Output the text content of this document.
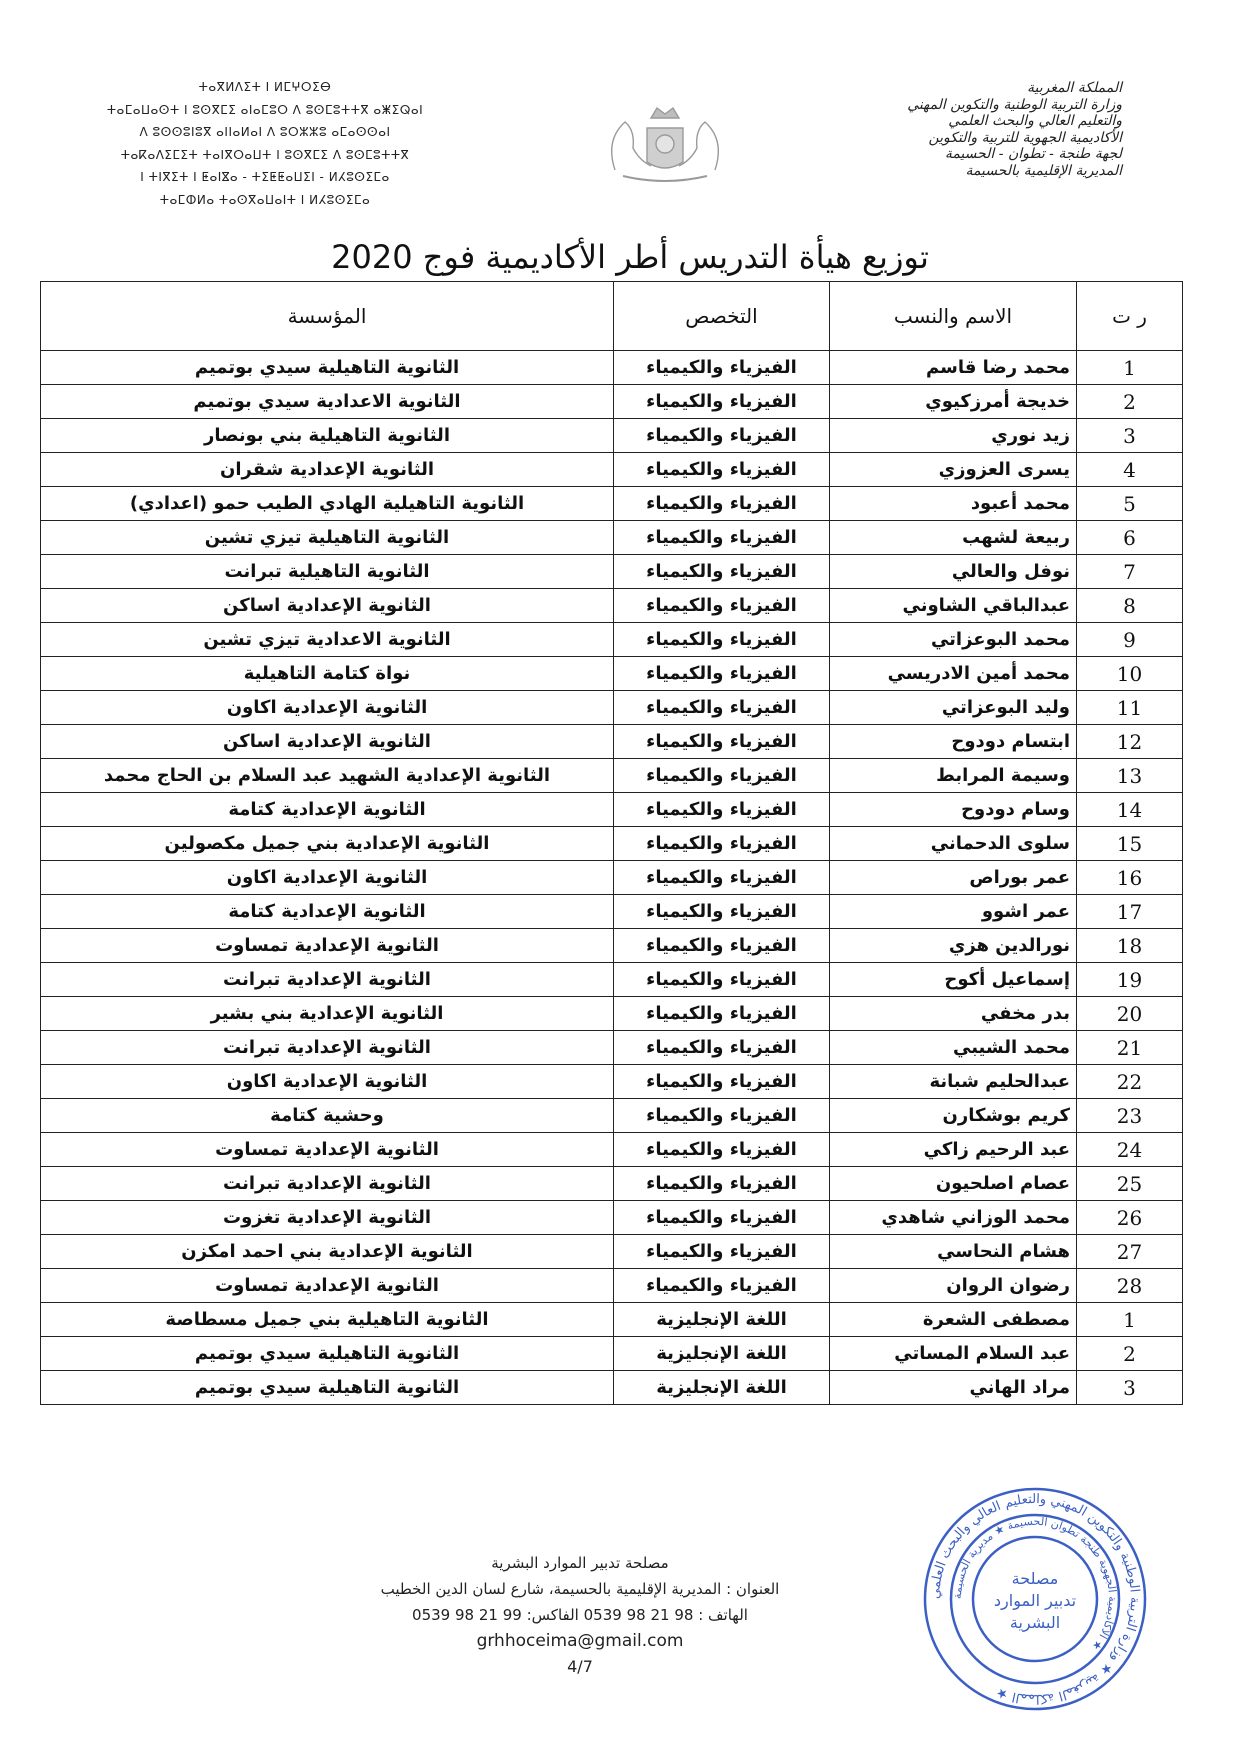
المملكة المغربية
وزارة التربية الوطنية والتكوين المهني
والتعليم العالي والبحث العلمي
الأكاديمية الجهوية للتربية والتكوين
لجهة طنجة - تطوان - الحسيمة
المديرية الإقليمية بالحسيمة
ⵜⴰⴳⵍⴷⵉⵜ ⵏ ⵍⵎⵖⵔⵉⴱ
ⵜⴰⵎⴰⵡⴰⵙⵜ ⵏ ⵓⵙⴳⵎⵉ ⴰⵏⴰⵎⵓⵔ ⴷ ⵓⵙⵎⵓⵜⵜⴳ ⴰⵥⵉⵕⴰⵏ
ⴷ ⵓⵙⵙⵓⵏⵓⴳ ⴰⵏⵏⴰⵍⴰⵏ ⴷ ⵓⵔⵣⵣⵓ ⴰⵎⴰⵙⵙⴰⵏ
ⵜⴰⴽⴰⴷⵉⵎⵉⵜ ⵜⴰⵏⴳⵔⴰⵡⵜ ⵏ ⵓⵙⴳⵎⵉ ⴷ ⵓⵙⵎⵓⵜⵜⴳ
ⵏ ⵜⵏⴳⵉⵜ ⵏ ⵟⴰⵏⴵⴰ - ⵜⵉⵟⵟⴰⵡⵉⵏ - ⵍⵃⵓⵙⵉⵎⴰ
ⵜⴰⵎⵀⵍⴰ ⵜⴰⵙⴳⴰⵡⴰⵏⵜ ⵏ ⵍⵃⵓⵙⵉⵎⴰ
توزيع هيأة التدريس أطر الأكاديمية فوج 2020
ر ت	الاسم والنسب	التخصص	المؤسسة
1	محمد رضا قاسم	الفيزياء والكيمياء	الثانوية التاهيلية سيدي بوتميم
2	خديجة أمرزكيوي	الفيزياء والكيمياء	الثانوية الاعدادية سيدي بوتميم
3	زيد نوري	الفيزياء والكيمياء	الثانوية التاهيلية بني بونصار
4	يسرى العزوزي	الفيزياء والكيمياء	الثانوية الإعدادية شقران
5	محمد أعبود	الفيزياء والكيمياء	الثانوية التاهيلية الهادي الطيب حمو (اعدادي)
6	ربيعة لشهب	الفيزياء والكيمياء	الثانوية التاهيلية تيزي تشين
7	نوفل والعالي	الفيزياء والكيمياء	الثانوية التاهيلية تبرانت
8	عبدالباقي الشاوني	الفيزياء والكيمياء	الثانوية الإعدادية اساكن
9	محمد البوعزاتي	الفيزياء والكيمياء	الثانوية الاعدادية تيزي تشين
10	محمد أمين الادريسي	الفيزياء والكيمياء	نواة كتامة التاهيلية
11	وليد البوعزاتي	الفيزياء والكيمياء	الثانوية الإعدادية اكاون
12	ابتسام دودوح	الفيزياء والكيمياء	الثانوية الإعدادية اساكن
13	وسيمة المرابط	الفيزياء والكيمياء	الثانوية الإعدادية الشهيد عبد السلام بن الحاج محمد
14	وسام دودوح	الفيزياء والكيمياء	الثانوية الإعدادية كتامة
15	سلوى الدحماني	الفيزياء والكيمياء	الثانوية الإعدادية بني جميل مكصولين
16	عمر بوراص	الفيزياء والكيمياء	الثانوية الإعدادية اكاون
17	عمر اشوو	الفيزياء والكيمياء	الثانوية الإعدادية كتامة
18	نورالدين هزي	الفيزياء والكيمياء	الثانوية الإعدادية تمساوت
19	إسماعيل أكوح	الفيزياء والكيمياء	الثانوية الإعدادية تبرانت
20	بدر مخفي	الفيزياء والكيمياء	الثانوية الإعدادية بني بشير
21	محمد الشيبي	الفيزياء والكيمياء	الثانوية الإعدادية تبرانت
22	عبدالحليم شبانة	الفيزياء والكيمياء	الثانوية الإعدادية اكاون
23	كريم بوشكارن	الفيزياء والكيمياء	وحشية كتامة
24	عبد الرحيم زاكي	الفيزياء والكيمياء	الثانوية الإعدادية تمساوت
25	عصام اصلحيون	الفيزياء والكيمياء	الثانوية الإعدادية تبرانت
26	محمد الوزاني شاهدي	الفيزياء والكيمياء	الثانوية الإعدادية تغزوت
27	هشام النحاسي	الفيزياء والكيمياء	الثانوية الإعدادية بني احمد امكزن
28	رضوان الروان	الفيزياء والكيمياء	الثانوية الإعدادية تمساوت
1	مصطفى الشعرة	اللغة الإنجليزية	الثانوية التاهيلية بني جميل مسطاصة
2	عبد السلام المساتي	اللغة الإنجليزية	الثانوية التاهيلية سيدي بوتميم
3	مراد الهاني	اللغة الإنجليزية	الثانوية التاهيلية سيدي بوتميم
مصلحة تدبير الموارد البشرية
العنوان : المديرية الإقليمية بالحسيمة، شارع لسان الدين الخطيب
الهاتف : 98 21 98 0539 الفاكس: 99 21 98 0539
grhhoceima@gmail.com
4/7
المملكة المغربية ★ وزارة التربية الوطنية والتكوين المهني والتعليم العالي والبحث العلمي ★
الأكاديمية الجهوية طنجة تطوان الحسيمة ★ مديرية الحسيمة ★
مصلحة
تدبير الموارد
البشرية
